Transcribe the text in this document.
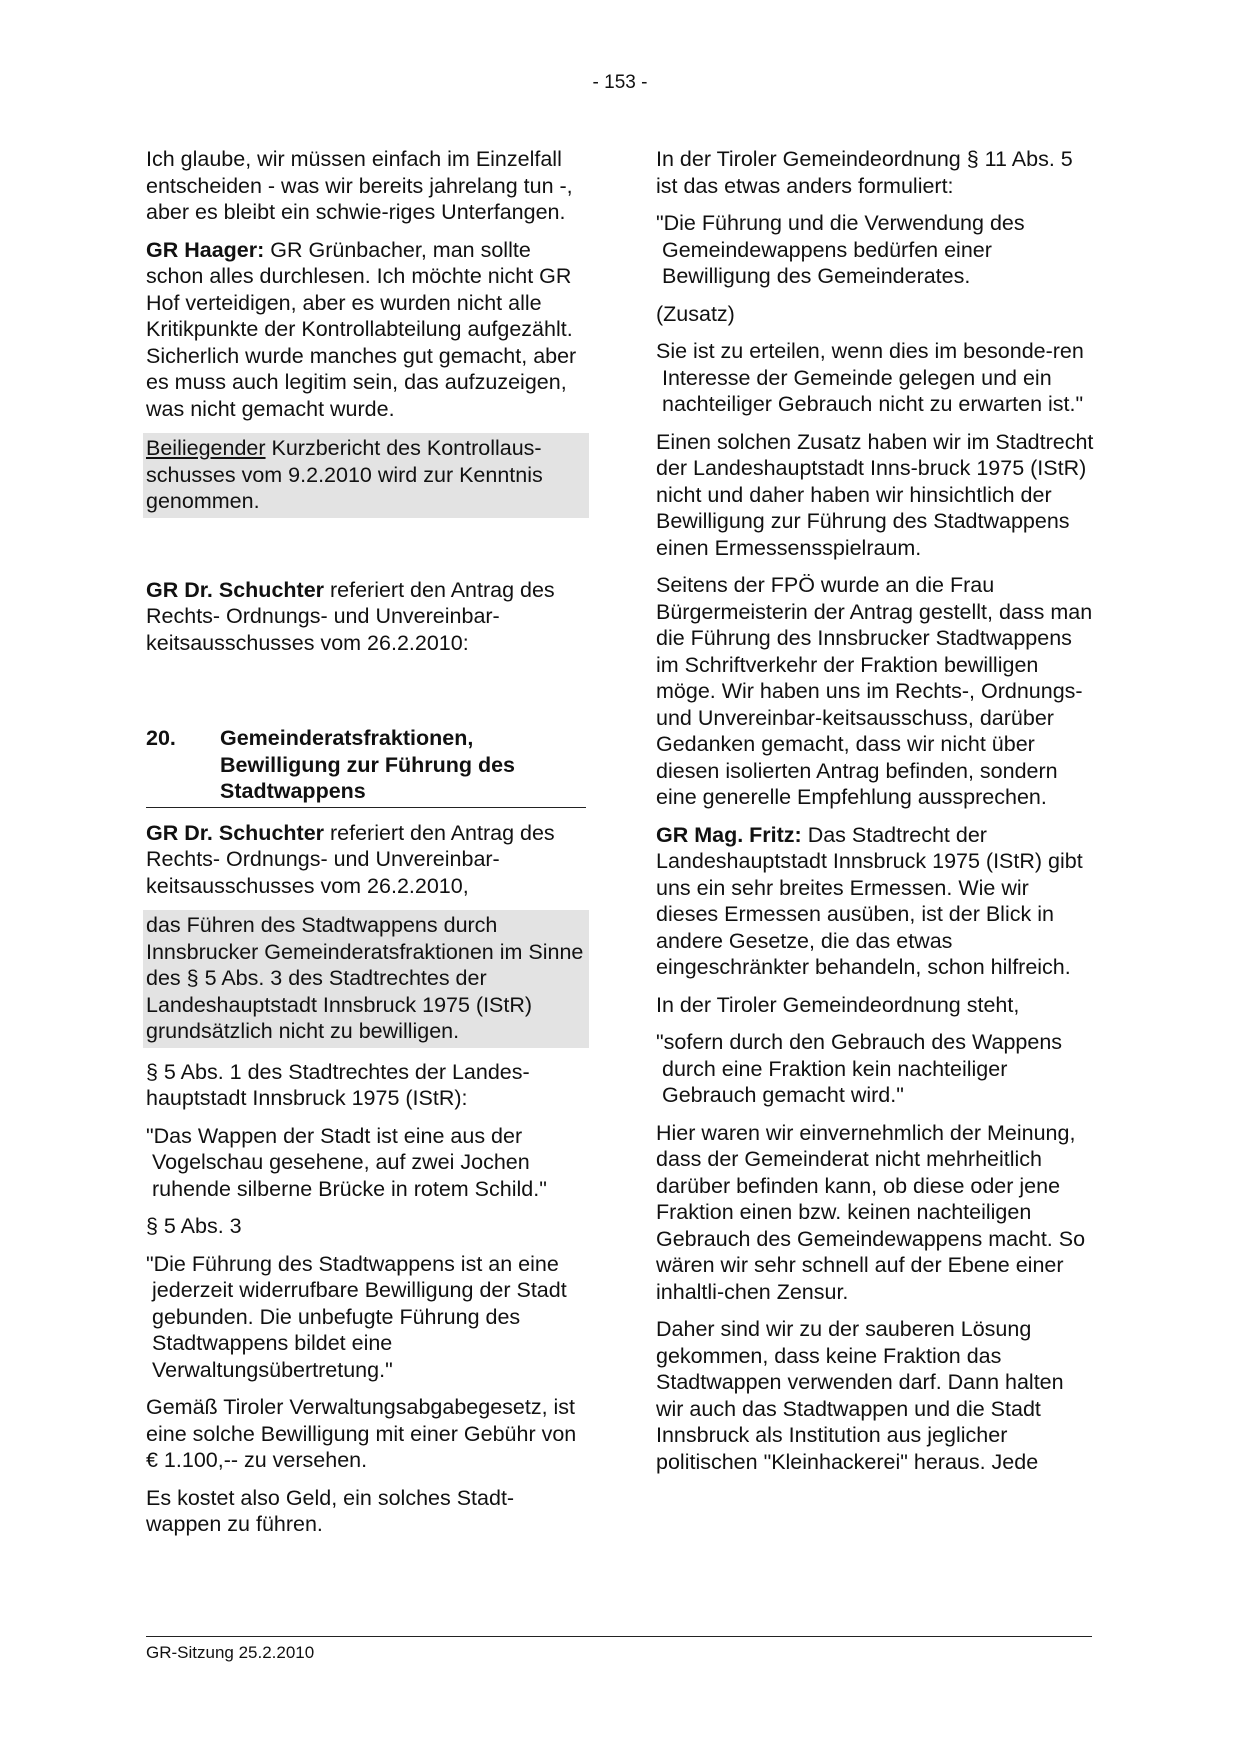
- 153 -

Ich glaube, wir müssen einfach im Einzelfall entscheiden - was wir bereits jahrelang tun -, aber es bleibt ein schwie-riges Unterfangen.

GR Haager: GR Grünbacher, man sollte schon alles durchlesen. Ich möchte nicht GR Hof verteidigen, aber es wurden nicht alle Kritikpunkte der Kontrollabteilung aufgezählt. Sicherlich wurde manches gut gemacht, aber es muss auch legitim sein, das aufzuzeigen, was nicht gemacht wurde.

Beiliegender Kurzbericht des Kontrollaus-schusses vom 9.2.2010 wird zur Kenntnis genommen.

GR Dr. Schuchter referiert den Antrag des Rechts- Ordnungs- und Unvereinbar-keitsausschusses vom 26.2.2010:

20.	Gemeinderatsfraktionen, Bewilligung zur Führung des Stadtwappens

GR Dr. Schuchter referiert den Antrag des Rechts- Ordnungs- und Unvereinbar-keitsausschusses vom 26.2.2010,

das Führen des Stadtwappens durch Innsbrucker Gemeinderatsfraktionen im Sinne des § 5 Abs. 3 des Stadtrechtes der Landeshauptstadt Innsbruck 1975 (IStR) grundsätzlich nicht zu bewilligen.

§ 5 Abs. 1 des Stadtrechtes der Landes-hauptstadt Innsbruck 1975 (IStR):

"Das Wappen der Stadt ist eine aus der Vogelschau gesehene, auf zwei Jochen ruhende silberne Brücke in rotem Schild."

§ 5 Abs. 3

"Die Führung des Stadtwappens ist an eine jederzeit widerrufbare Bewilligung der Stadt gebunden. Die unbefugte Führung des Stadtwappens bildet eine Verwaltungsübertretung."

Gemäß Tiroler Verwaltungsabgabegesetz, ist eine solche Bewilligung mit einer Gebühr von € 1.100,-- zu versehen.

Es kostet also Geld, ein solches Stadt-wappen zu führen.

In der Tiroler Gemeindeordnung § 11 Abs. 5 ist das etwas anders formuliert:

"Die Führung und die Verwendung des Gemeindewappens bedürfen einer Bewilligung des Gemeinderates.

(Zusatz)

Sie ist zu erteilen, wenn dies im besonde-ren Interesse der Gemeinde gelegen und ein nachteiliger Gebrauch nicht zu erwarten ist."

Einen solchen Zusatz haben wir im Stadtrecht der Landeshauptstadt Inns-bruck 1975 (IStR) nicht und daher haben wir hinsichtlich der Bewilligung zur Führung des Stadtwappens einen Ermessensspielraum.

Seitens der FPÖ wurde an die Frau Bürgermeisterin der Antrag gestellt, dass man die Führung des Innsbrucker Stadtwappens im Schriftverkehr der Fraktion bewilligen möge. Wir haben uns im Rechts-, Ordnungs- und Unvereinbar-keitsausschuss, darüber Gedanken gemacht, dass wir nicht über diesen isolierten Antrag befinden, sondern eine generelle Empfehlung aussprechen.

GR Mag. Fritz: Das Stadtrecht der Landeshauptstadt Innsbruck 1975 (IStR) gibt uns ein sehr breites Ermessen. Wie wir dieses Ermessen ausüben, ist der Blick in andere Gesetze, die das etwas eingeschränkter behandeln, schon hilfreich.

In der Tiroler Gemeindeordnung steht,

"sofern durch den Gebrauch des Wappens durch eine Fraktion kein nachteiliger Gebrauch gemacht wird."

Hier waren wir einvernehmlich der Meinung, dass der Gemeinderat nicht mehrheitlich darüber befinden kann, ob diese oder jene Fraktion einen bzw. keinen nachteiligen Gebrauch des Gemeindewappens macht. So wären wir sehr schnell auf der Ebene einer inhaltli-chen Zensur.

Daher sind wir zu der sauberen Lösung gekommen, dass keine Fraktion das Stadtwappen verwenden darf. Dann halten wir auch das Stadtwappen und die Stadt Innsbruck als Institution aus jeglicher politischen "Kleinhackerei" heraus. Jede

GR-Sitzung 25.2.2010
